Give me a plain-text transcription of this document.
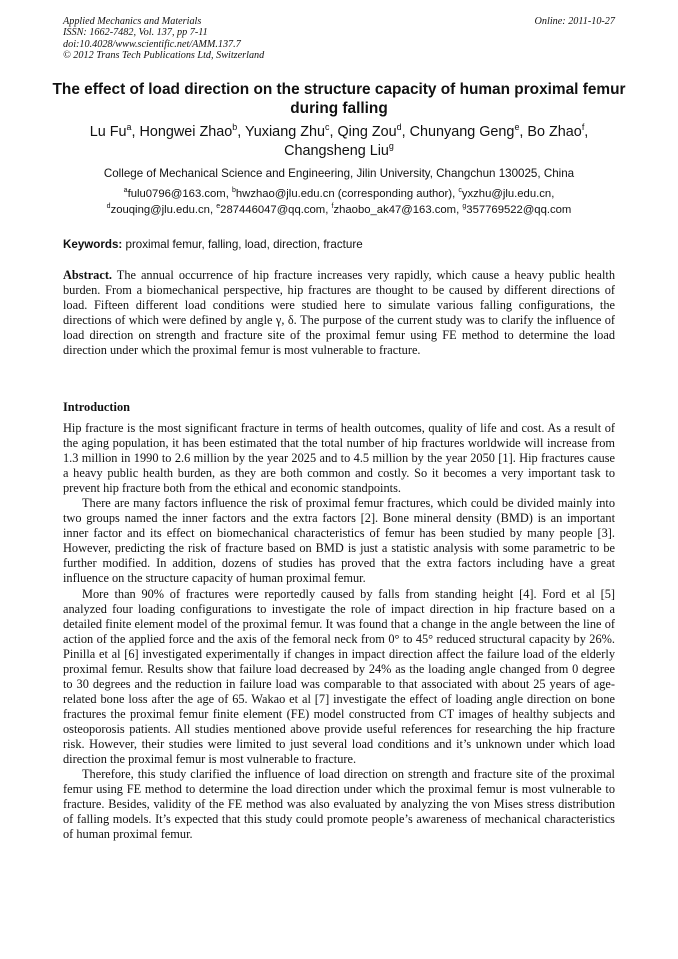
Applied Mechanics and Materials
ISSN: 1662-7482, Vol. 137, pp 7-11
doi:10.4028/www.scientific.net/AMM.137.7
© 2012 Trans Tech Publications Ltd, Switzerland
Online: 2011-10-27
The effect of load direction on the structure capacity of human proximal femur during falling
Lu Fu$^a$, Hongwei Zhao$^b$, Yuxiang Zhu$^c$, Qing Zou$^d$, Chunyang Geng$^e$, Bo Zhao$^f$,
Changsheng Liu$^g$
College of Mechanical Science and Engineering, Jilin University, Changchun 130025, China
$^a$fulu0796@163.com, $^b$hwzhao@jlu.edu.cn (corresponding author), $^c$yxzhu@jlu.edu.cn,
$^d$zouqing@jlu.edu.cn, $^e$287446047@qq.com, $^f$zhaobo_ak47@163.com, $^g$357769522@qq.com
Keywords: proximal femur, falling, load, direction, fracture
Abstract. The annual occurrence of hip fracture increases very rapidly, which cause a heavy public health burden. From a biomechanical perspective, hip fractures are thought to be caused by different directions of load. Fifteen different load conditions were studied here to simulate various falling configurations, the directions of which were defined by angle γ, δ. The purpose of the current study was to clarify the influence of load direction on strength and fracture site of the proximal femur using FE method to determine the load direction under which the proximal femur is most vulnerable to fracture.
Introduction

Hip fracture is the most significant fracture in terms of health outcomes, quality of life and cost. As a result of the aging population, it has been estimated that the total number of hip fractures worldwide will increase from 1.3 million in 1990 to 2.6 million by the year 2025 and to 4.5 million by the year 2050 [1]. Hip fractures cause a heavy public health burden, as they are both common and costly. So it becomes a very important task to prevent hip fracture both from the ethical and economic standpoints.

There are many factors influence the risk of proximal femur fractures, which could be divided mainly into two groups named the inner factors and the extra factors [2]. Bone mineral density (BMD) is an important inner factor and its effect on biomechanical characteristics of femur has been studied by many people [3]. However, predicting the risk of fracture based on BMD is just a statistic analysis with some parametric to be further modified. In addition, dozens of studies has proved that the extra factors including have a great influence on the structure capacity of human proximal femur.

More than 90% of fractures were reportedly caused by falls from standing height [4]. Ford et al [5] analyzed four loading configurations to investigate the role of impact direction in hip fracture based on a detailed finite element model of the proximal femur. It was found that a change in the angle between the line of action of the applied force and the axis of the femoral neck from 0° to 45° reduced structural capacity by 26%. Pinilla et al [6] investigated experimentally if changes in impact direction affect the failure load of the elderly proximal femur. Results show that failure load decreased by 24% as the loading angle changed from 0 degree to 30 degrees and the reduction in failure load was comparable to that associated with about 25 years of age-related bone loss after the age of 65. Wakao et al [7] investigate the effect of loading angle direction on bone fractures the proximal femur finite element (FE) model constructed from CT images of healthy subjects and osteoporosis patients. All studies mentioned above provide useful references for researching the hip fracture risk. However, their studies were limited to just several load conditions and it’s unknown under which load direction the proximal femur is most vulnerable to fracture.

Therefore, this study clarified the influence of load direction on strength and fracture site of the proximal femur using FE method to determine the load direction under which the proximal femur is most vulnerable to fracture. Besides, validity of the FE method was also evaluated by analyzing the von Mises stress distribution of falling models. It’s expected that this study could promote people’s awareness of mechanical characteristics of human proximal femur.
